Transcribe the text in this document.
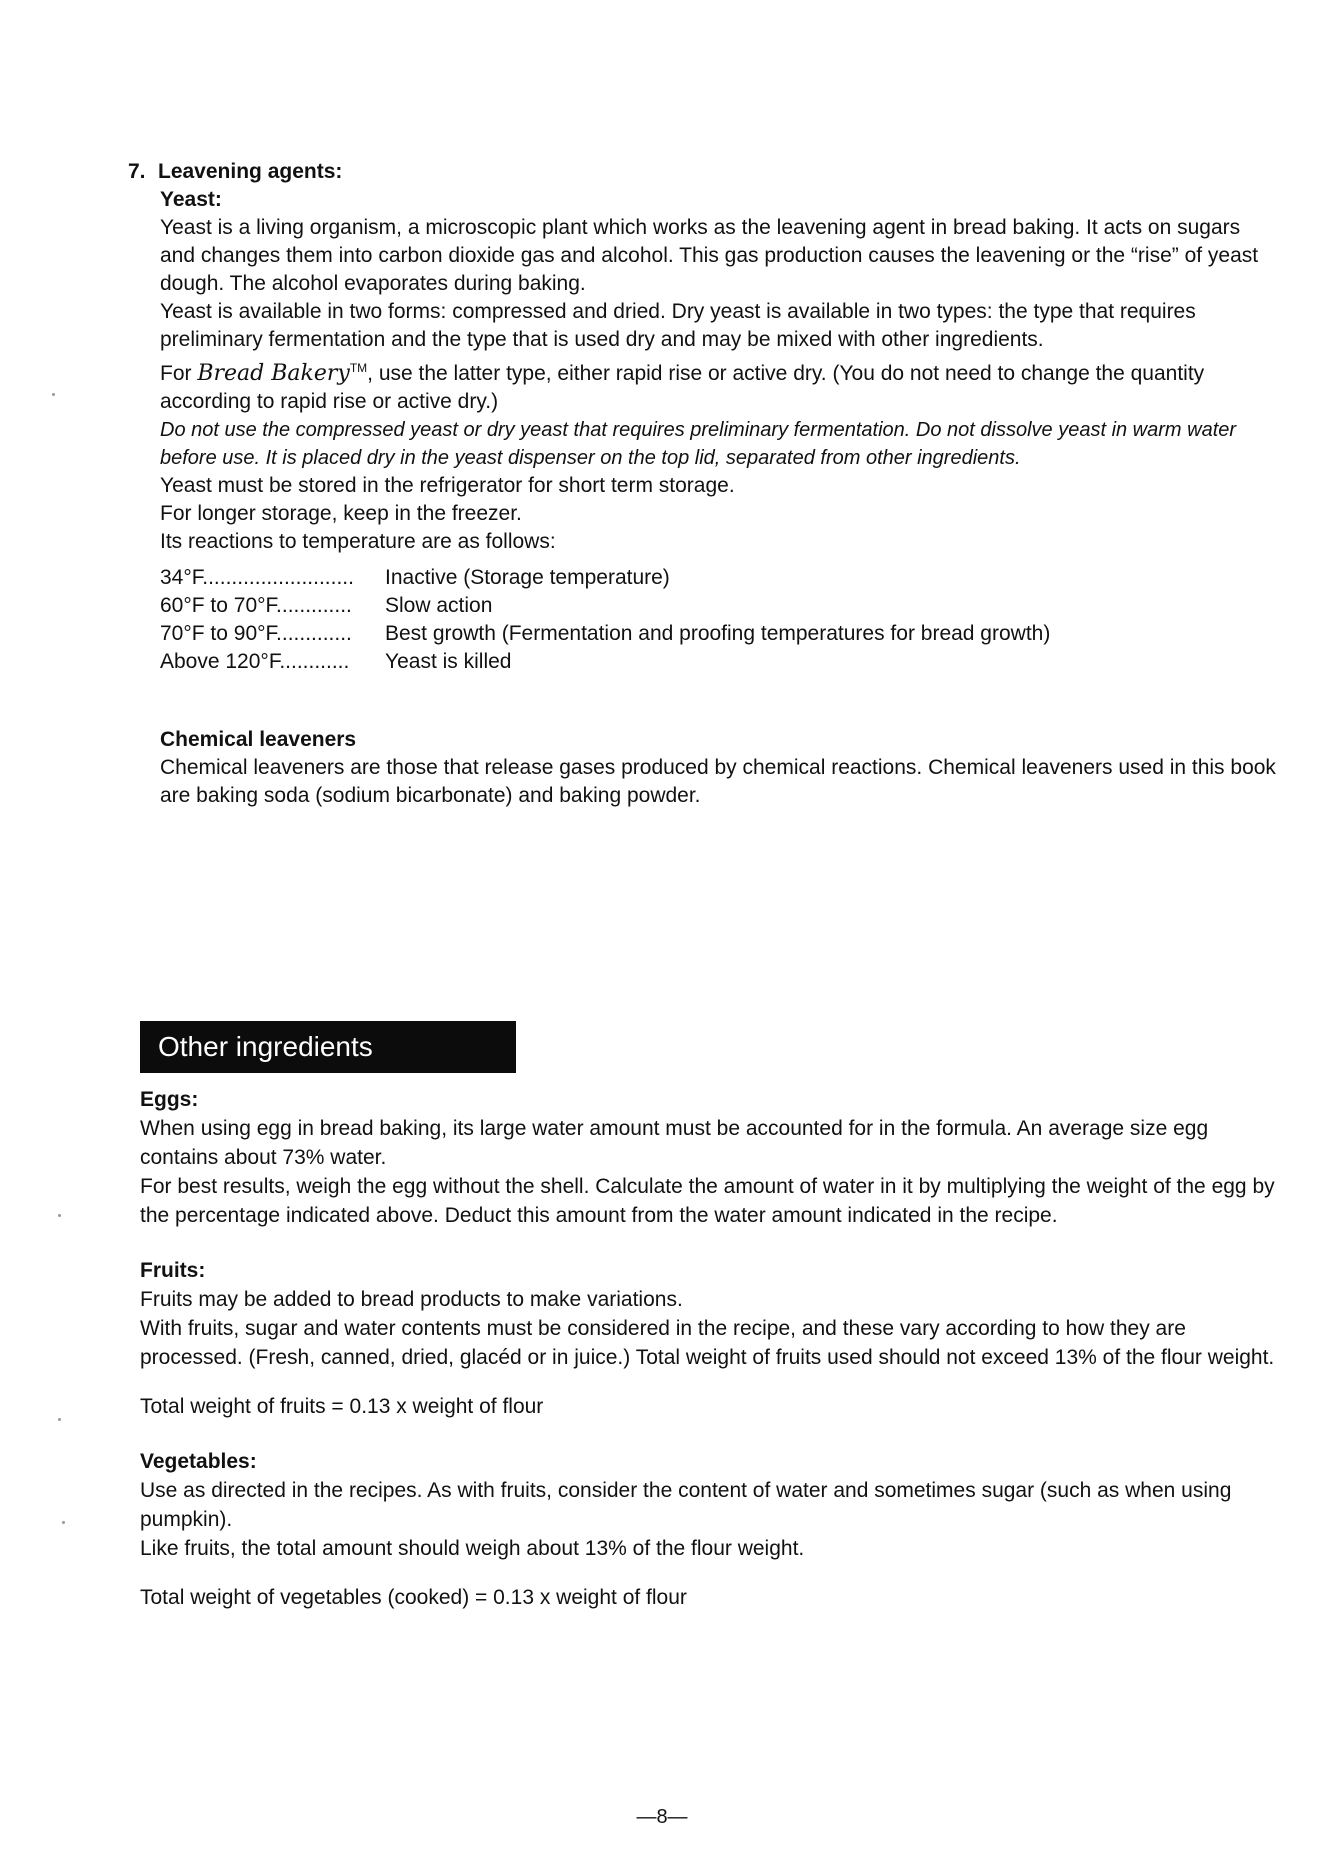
7. Leavening agents:
Yeast:

Yeast is a living organism, a microscopic plant which works as the leavening agent in bread baking. It acts on sugars and changes them into carbon dioxide gas and alcohol. This gas production causes the leavening or the “rise” of yeast dough. The alcohol evaporates during baking.

Yeast is available in two forms: compressed and dried. Dry yeast is available in two types: the type that requires preliminary fermentation and the type that is used dry and may be mixed with other ingredients.

For Bread Bakery™, use the latter type, either rapid rise or active dry. (You do not need to change the quantity according to rapid rise or active dry.)

Do not use the compressed yeast or dry yeast that requires preliminary fermentation. Do not dissolve yeast in warm water before use. It is placed dry in the yeast dispenser on the top lid, separated from other ingredients.

Yeast must be stored in the refrigerator for short term storage.

For longer storage, keep in the freezer.

Its reactions to temperature are as follows:

34°F..........................	Inactive (Storage temperature)
60°F to 70°F.............	Slow action
70°F to 90°F.............	Best growth (Fermentation and proofing temperatures for bread growth)
Above 120°F............	Yeast is killed
Chemical leaveners

Chemical leaveners are those that release gases produced by chemical reactions. Chemical leaveners used in this book are baking soda (sodium bicarbonate) and baking powder.

Other ingredients
Eggs:

When using egg in bread baking, its large water amount must be accounted for in the formula. An average size egg contains about 73% water.

For best results, weigh the egg without the shell. Calculate the amount of water in it by multiplying the weight of the egg by the percentage indicated above. Deduct this amount from the water amount indicated in the recipe.

Fruits:

Fruits may be added to bread products to make variations.

With fruits, sugar and water contents must be considered in the recipe, and these vary according to how they are processed. (Fresh, canned, dried, glacéd or in juice.) Total weight of fruits used should not exceed 13% of the flour weight.

Total weight of fruits = 0.13 x weight of flour
Vegetables:

Use as directed in the recipes. As with fruits, consider the content of water and sometimes sugar (such as when using pumpkin).

Like fruits, the total amount should weigh about 13% of the flour weight.

Total weight of vegetables (cooked) = 0.13 x weight of flour
—8—
